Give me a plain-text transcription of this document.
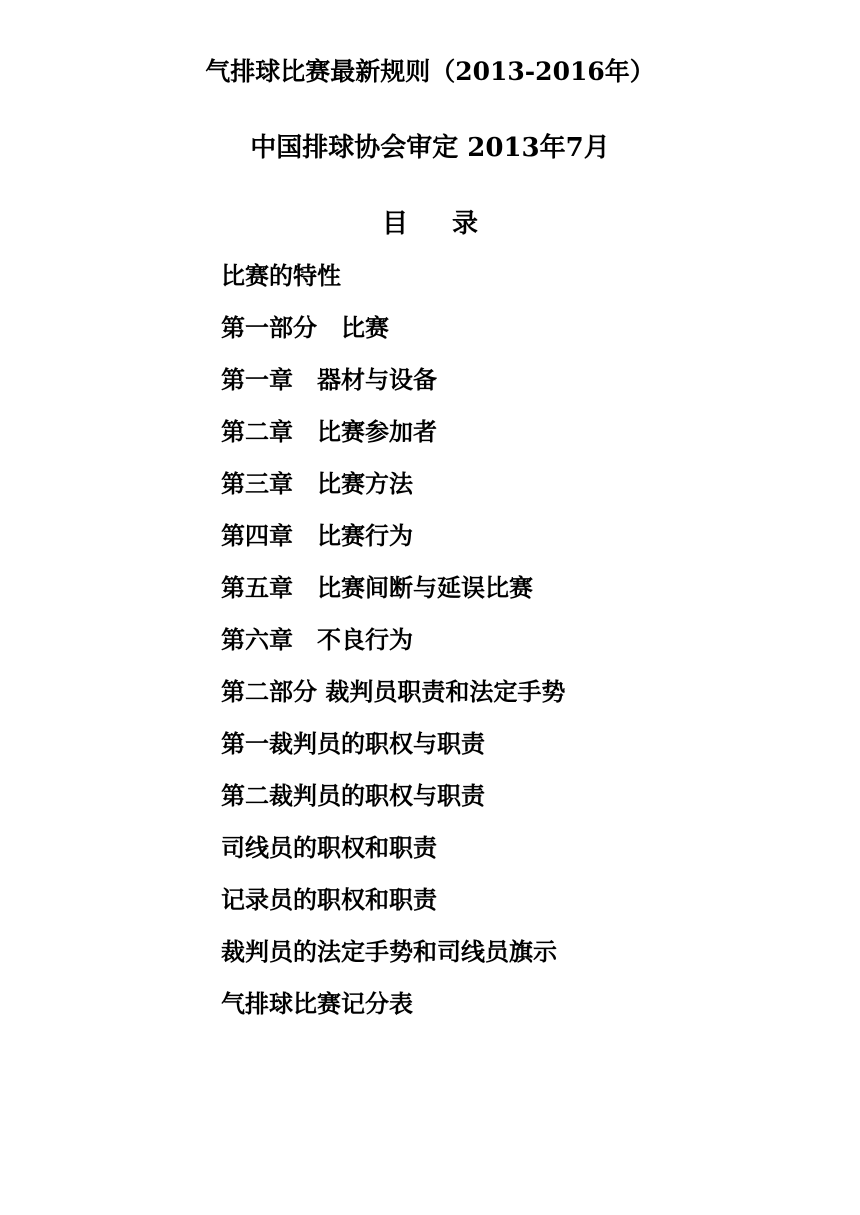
气排球比赛最新规则（2013-2016年）
中国排球协会审定 2013年7月
目 录
比赛的特性
第一部分　比赛
第一章　器材与设备
第二章　比赛参加者
第三章　比赛方法
第四章　比赛行为
第五章　比赛间断与延误比赛
第六章　不良行为
第二部分 裁判员职责和法定手势
第一裁判员的职权与职责
第二裁判员的职权与职责
司线员的职权和职责
记录员的职权和职责
裁判员的法定手势和司线员旗示
气排球比赛记分表
